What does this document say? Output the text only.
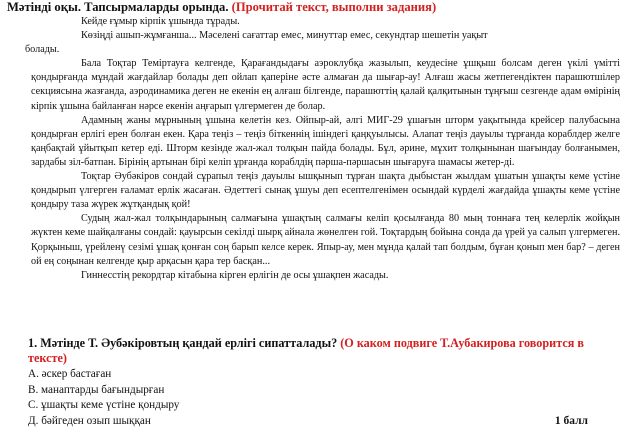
Мәтінді оқы. Тапсырмаларды орында. (Прочитай текст, выполни задания)

Кейде ғұмыр кірпік ұшында тұрады.

Көзіңді ашып-жұмғанша... Мәселені сағаттар емес, минуттар емес, секундтар шешетін уақыт

болады.

Бала Тоқтар Темiртауға келгенде, Қарағандыдағы аэроклубқа жазылып, кеудесіне ұшқыш болсам деген үкілі үмітті қондырғанда мұндай жағдайлар болады деп ойлап қаперіне әсте алмаған да шығар-ау! Алғаш жасы жетпегендіктен парашютшілер секциясына жазғанда, аэродинамика деген не екенін ең алғаш білгенде, парашюттің қалай қалқитынын тұңғыш сезгенде адам өмірінің кірпік ұшына байланған нәрсе екенін аңғарып үлгермеген де болар.

Адамның жаны мұрнының ұшына келетін кез. Ойпыр-ай, әлгі МИГ-29 ұшағын шторм уақытында крейсер палубасына қондырған ерлігі ерен болған екен. Қара теңіз – теңіз біткеннің ішіндегі қаңқуылысы. Алапат теңіз дауылы тұрғанда кораблдер желге қаңбақтай ұйытқып кетер еді. Шторм кезінде жал-жал толқын пайда болады. Бұл, әрине, мұхит толқынынан шағындау болғанымен, зардабы зіл-батпан. Бірінің артынан бірі келіп ұрғанда кораблдің пәрша-пәршасын шығаруға шамасы жетер-ді.

Тоқтар Әубәкіров сондай сұрапыл теңіз дауылы ышқынып тұрған шақта дыбыстан жылдам ұшатын ұшақты кеме үстіне қондырып үлгерген ғаламат ерлік жасаған. Әдеттегі сынақ ұшуы деп есептелгенімен осындай күрделі жағдайда ұшақты кеме үстіне қондыру таза жүрек жұтқандық қой!

Судың жал-жал толқындарының салмағына ұшақтың салмағы келіп қосылғанда 80 мың тоннаға тең келерлік жойқын жүктен кеме шайқалғаны сондай: қауырсын секілді шырқ айнала жөнелген гой. Тоқтардың бойына сонда да үрей уа салып үлгермеген. Қорқыныш, үрейленү сезімі ұшақ қонған соң барып келсе керек. Япыр-ау, мен мұнда қалай тап болдым, бұған қонып мен бар? – деген ой ең соңынан келгенде қыр арқасын қара тер басқан...

Гиннесстің рекордтар кітабына кірген ерлігін де осы ұшақпен жасады.

1. Мәтінде Т. Әубәкіровтың қандай ерлігі сипатталады? (О каком подвиге Т.Аубакирова говорится в тексте)
А. әскер бастаған
В. манаптарды бағындырған
С. ұшақты кеме үстіне қондыру
Д. бәйгеден озып шыққан	1 балл
